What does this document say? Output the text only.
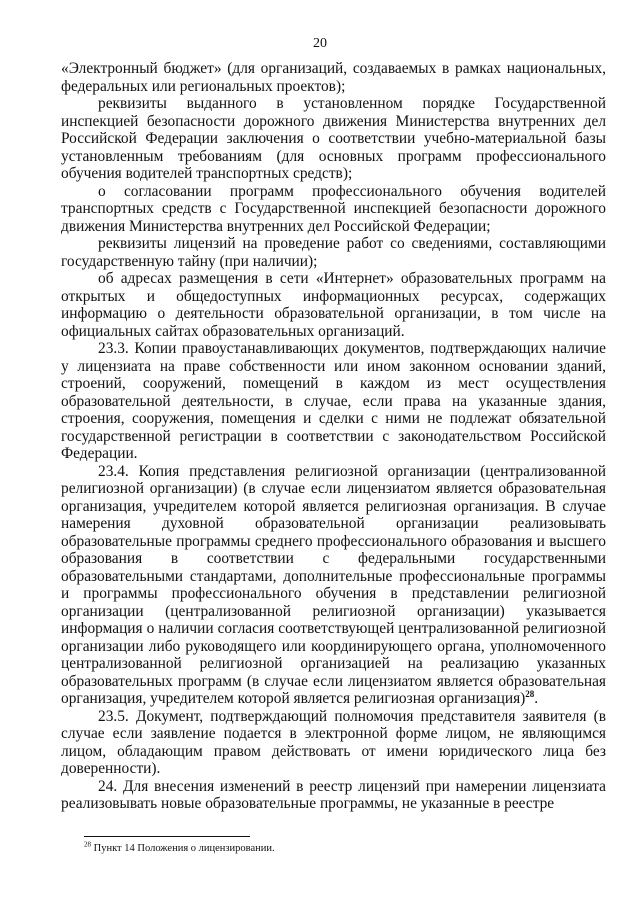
20

«Электронный бюджет» (для организаций, создаваемых в рамках национальных, федеральных или региональных проектов);

реквизиты выданного в установленном порядке Государственной инспекцией безопасности дорожного движения Министерства внутренних дел Российской Федерации заключения о соответствии учебно-материальной базы установленным требованиям (для основных программ профессионального обучения водителей транспортных средств);

о согласовании программ профессионального обучения водителей транспортных средств с Государственной инспекцией безопасности дорожного движения Министерства внутренних дел Российской Федерации;

реквизиты лицензий на проведение работ со сведениями, составляющими государственную тайну (при наличии);

об адресах размещения в сети «Интернет» образовательных программ на открытых и общедоступных информационных ресурсах, содержащих информацию о деятельности образовательной организации, в том числе на официальных сайтах образовательных организаций.

23.3. Копии правоустанавливающих документов, подтверждающих наличие у лицензиата на праве собственности или ином законном основании зданий, строений, сооружений, помещений в каждом из мест осуществления образовательной деятельности, в случае, если права на указанные здания, строения, сооружения, помещения и сделки с ними не подлежат обязательной государственной регистрации в соответствии с законодательством Российской Федерации.

23.4. Копия представления религиозной организации (централизованной религиозной организации) (в случае если лицензиатом является образовательная организация, учредителем которой является религиозная организация. В случае намерения духовной образовательной организации реализовывать образовательные программы среднего профессионального образования и высшего образования в соответствии с федеральными государственными образовательными стандартами, дополнительные профессиональные программы и программы профессионального обучения в представлении религиозной организации (централизованной религиозной организации) указывается информация о наличии согласия соответствующей централизованной религиозной организации либо руководящего или координирующего органа, уполномоченного централизованной религиозной организацией на реализацию указанных образовательных программ (в случае если лицензиатом является образовательная организация, учредителем которой является религиозная организация)$^{28}$.

23.5. Документ, подтверждающий полномочия представителя заявителя (в случае если заявление подается в электронной форме лицом, не являющимся лицом, обладающим правом действовать от имени юридического лица без доверенности).

24. Для внесения изменений в реестр лицензий при намерении лицензиата реализовывать новые образовательные программы, не указанные в реестре

$^{28}$ Пункт 14 Положения о лицензировании.
